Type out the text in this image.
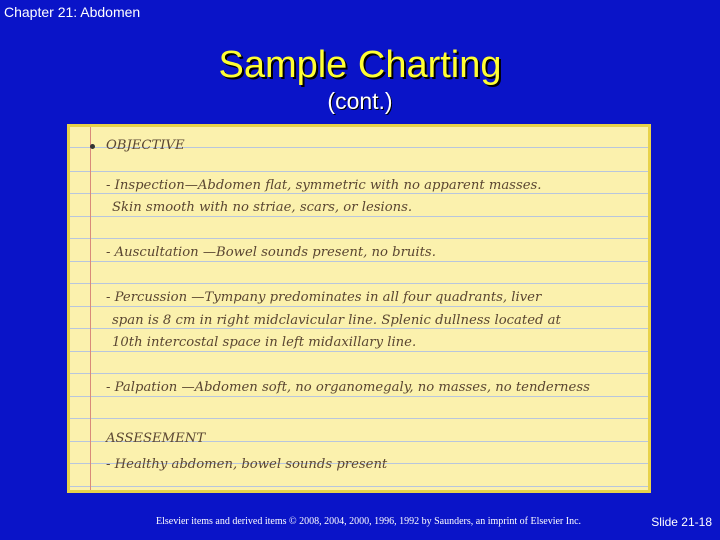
Chapter 21: Abdomen
Sample Charting
(cont.)
OBJECTIVE
- Inspection—Abdomen flat, symmetric with no apparent masses.
Skin smooth with no striae, scars, or lesions.
- Auscultation —Bowel sounds present, no bruits.
- Percussion —Tympany predominates in all four quadrants, liver
span is 8 cm in right midclavicular line. Splenic dullness located at
10th intercostal space in left midaxillary line.
- Palpation —Abdomen soft, no organomegaly, no masses, no tenderness
ASSESEMENT
- Healthy abdomen, bowel sounds present
Elsevier items and derived items © 2008, 2004, 2000, 1996, 1992 by Saunders, an imprint of Elsevier Inc.	Slide 21-18
